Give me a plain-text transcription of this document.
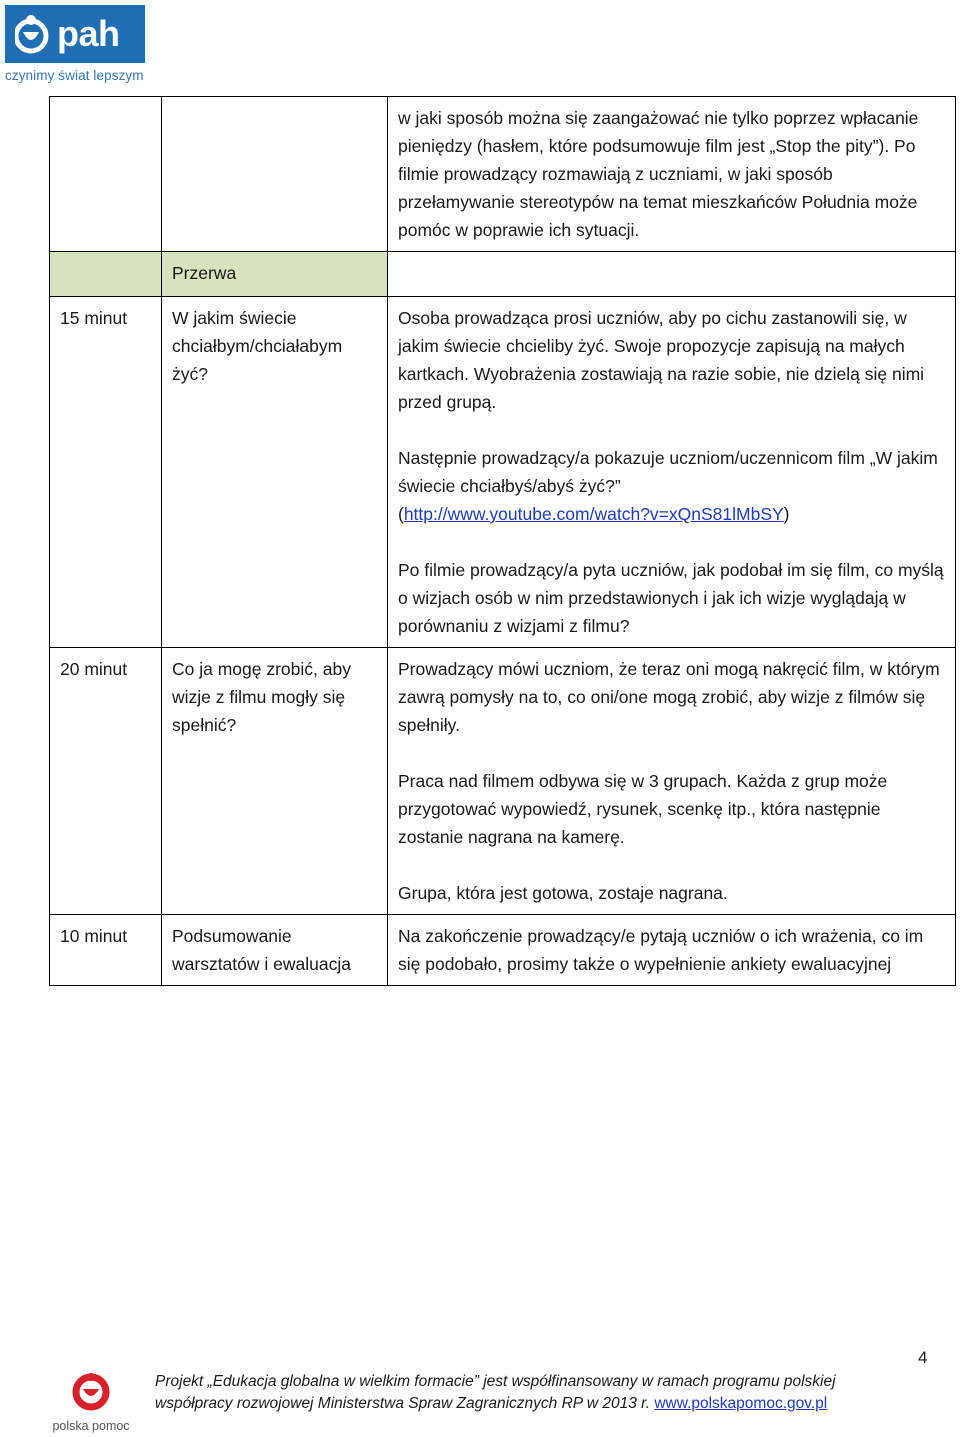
pah
czynimy świat lepszym

		w jaki sposób można się zaangażować nie tylko poprzez wpłacanie pieniędzy (hasłem, które podsumowuje film jest „Stop the pity”). Po filmie prowadzący rozmawiają z uczniami, w jaki sposób przełamywanie stereotypów na temat mieszkańców Południa może pomóc w poprawie ich sytuacji.

	Przerwa	

15 minut	W jakim świecie chciałbym/chciałabym żyć?	Osoba prowadząca prosi uczniów, aby po cichu zastanowili się, w jakim świecie chcieliby żyć. Swoje propozycje zapisują na małych kartkach. Wyobrażenia zostawiają na razie sobie, nie dzielą się nimi przed grupą.

Następnie prowadzący/a pokazuje uczniom/uczennicom film „W jakim świecie chciałbyś/abyś żyć?”
(http://www.youtube.com/watch?v=xQnS81lMbSY)

Po filmie prowadzący/a pyta uczniów, jak podobał im się film, co myślą o wizjach osób w nim przedstawionych i jak ich wizje wyglądają w porównaniu z wizjami z filmu?

20 minut	Co ja mogę zrobić, aby wizje z filmu mogły się spełnić?	Prowadzący mówi uczniom, że teraz oni mogą nakręcić film, w którym zawrą pomysły na to, co oni/one mogą zrobić, aby wizje z filmów się spełniły.

Praca nad filmem odbywa się w 3 grupach. Każda z grup może przygotować wypowiedź, rysunek, scenkę itp., która następnie zostanie nagrana na kamerę.

Grupa, która jest gotowa, zostaje nagrana.

10 minut	Podsumowanie warsztatów i ewaluacja	Na zakończenie prowadzący/e pytają uczniów o ich wrażenia, co im się podobało, prosimy także o wypełnienie ankiety ewaluacyjnej

4
polska pomoc
Projekt „Edukacja globalna w wielkim formacie” jest współfinansowany w ramach programu polskiej
współpracy rozwojowej Ministerstwa Spraw Zagranicznych RP w 2013 r. www.polskapomoc.gov.pl
